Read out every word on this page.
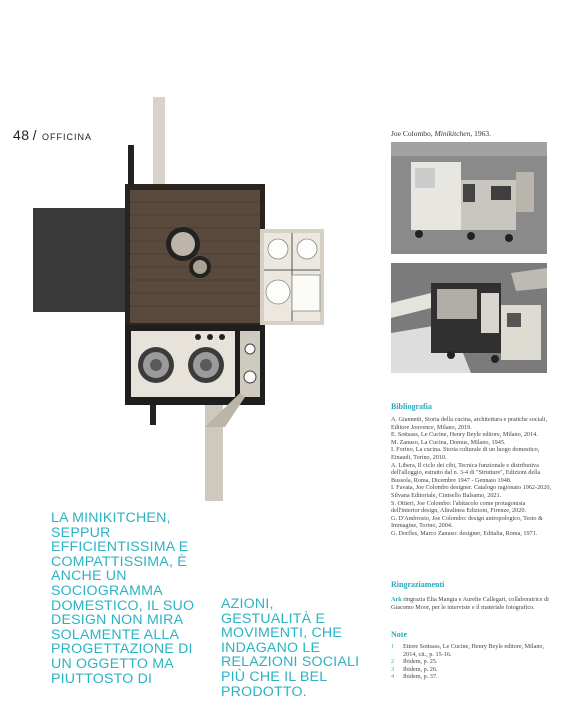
48 / OFFICINA	Joe Colombo, Minikitchen, 1963.
Bibliografia

A. Giannetti, Storia della cucina, architettura e pratiche sociali, Editore Jouvence, Milano, 2019.

E. Sottsass, Le Cucine, Henry Beyle editore, Milano, 2014.

M. Zanuso, La Cucina, Domus, Milano, 1945.

I. Forino, La cucina. Storia culturale di un luogo domestico, Einaudi, Torino, 2010.

A. Libera, Il ciclo dei cibi, Tecnica funzionale e distributiva dell'alloggio, estratto dal n. 3-4 di "Strutture", Edizioni della Bussola, Roma, Dicembre 1947 - Gennaio 1948.

I. Favata, Joe Colombo designer. Catalogo ragionato 1962-2020, Silvana Editoriale, Cinisello Balsamo, 2021.

S. Ottieri, Joe Colombo: l'abitacolo come protagonista dell'interior design, Altralinea Edizioni, Firenze, 2020.

G. D'Ambrosio, Joe Colombo: design antropologico, Testo & Immagine, Torino, 2004.

G. Dorfles, Marco Zanuso: designer, Editalia, Roma, 1971.

Ringraziamenti
Ark ringrazia Elia Mangia e Aurelie Callegari, collaboratrice di Giacomo Moor, per le interviste e il materiale fotografico.
Note
1	Ettore Sottsass, Le Cucine, Henry Beyle editore, Milano, 2014, cit., p. 15-16.
2	Ibidem, p. 25.
3	Ibidem, p. 26.
4	Ibidem, p. 37.
LA MINIKITCHEN, SEPPUR EFFICIENTISSIMA E COMPATTISSIMA, È ANCHE UN SOCIOGRAMMA DOMESTICO, IL SUO DESIGN NON MIRA SOLAMENTE ALLA PROGETTAZIONE DI UN OGGETTO MA PIUTTOSTO DI
AZIONI, GESTUALITÀ E MOVIMENTI, CHE INDAGANO LE RELAZIONI SOCIALI PIÙ CHE IL BEL PRODOTTO.
